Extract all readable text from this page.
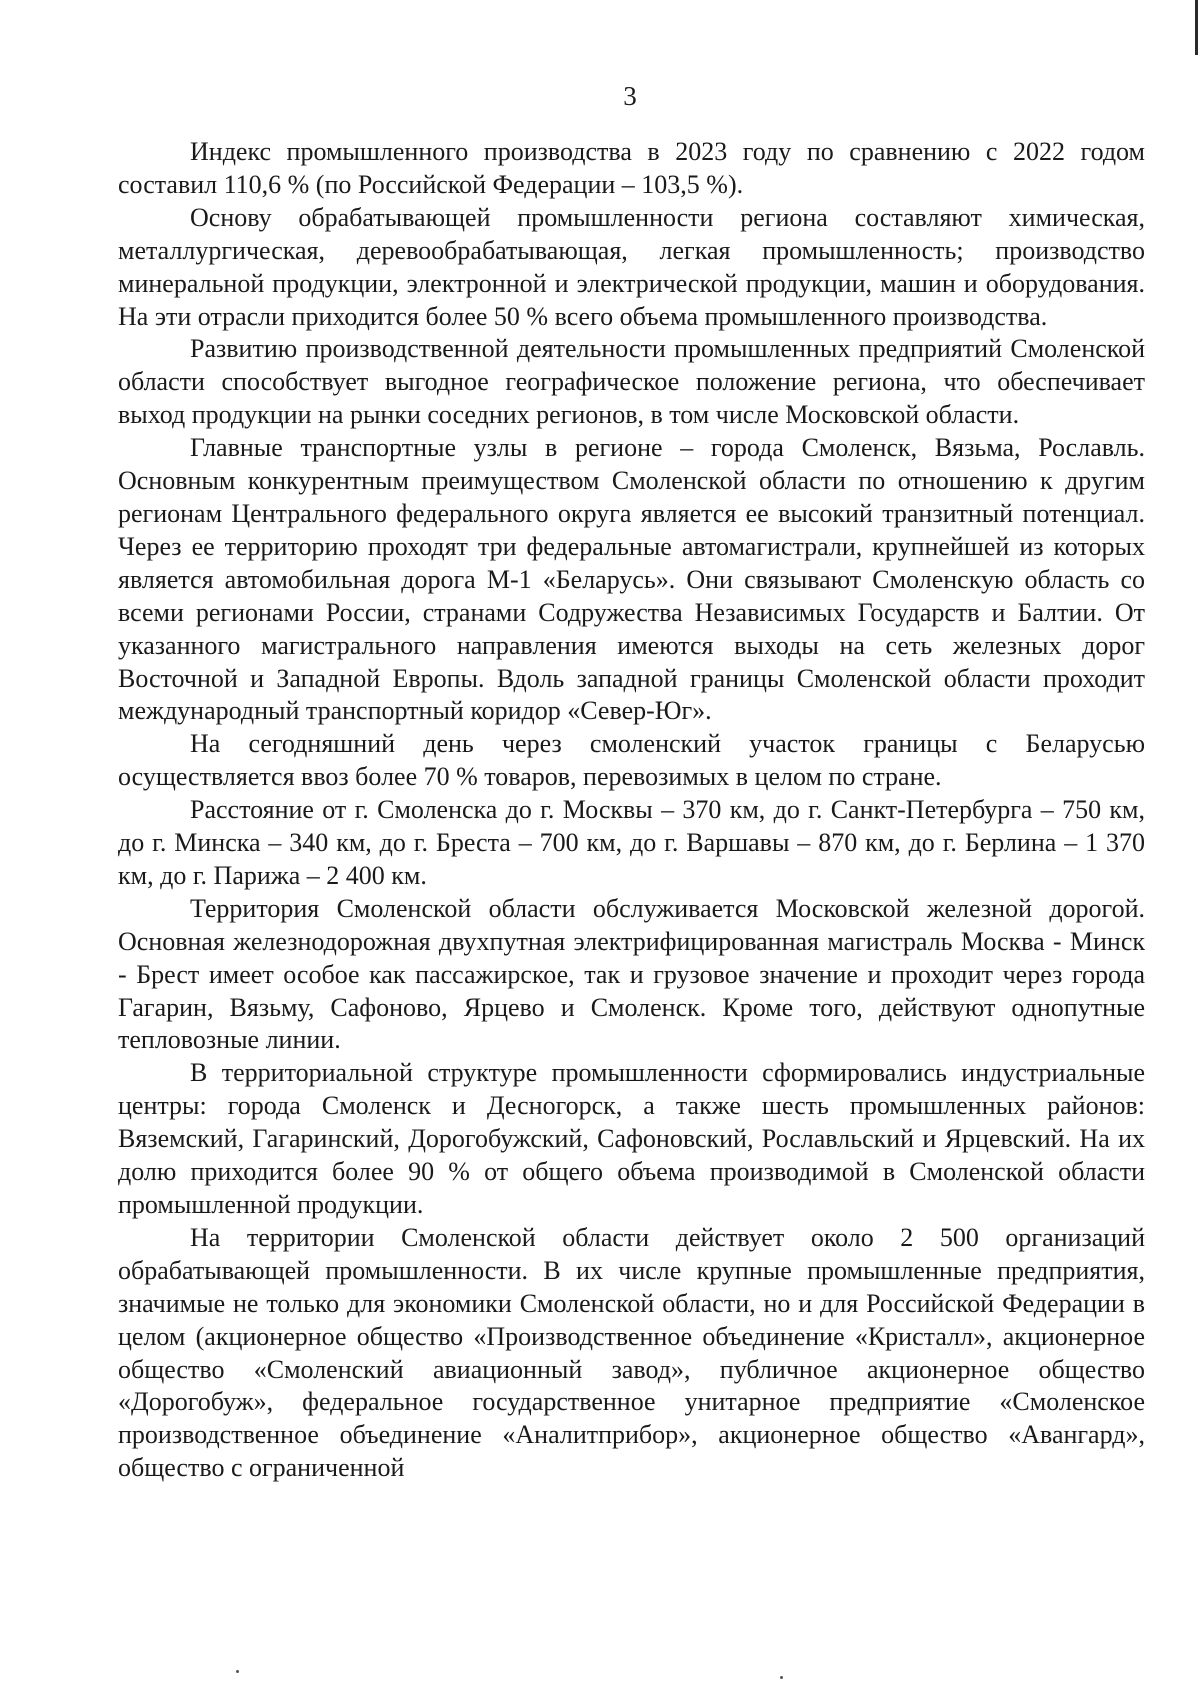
3

Индекс промышленного производства в 2023 году по сравнению с 2022 годом составил 110,6 % (по Российской Федерации – 103,5 %).

Основу обрабатывающей промышленности региона составляют химическая, металлургическая, деревообрабатывающая, легкая промышленность; производство минеральной продукции, электронной и электрической продукции, машин и оборудования. На эти отрасли приходится более 50 % всего объема промышленного производства.

Развитию производственной деятельности промышленных предприятий Смоленской области способствует выгодное географическое положение региона, что обеспечивает выход продукции на рынки соседних регионов, в том числе Московской области.

Главные транспортные узлы в регионе – города Смоленск, Вязьма, Рославль. Основным конкурентным преимуществом Смоленской области по отношению к другим регионам Центрального федерального округа является ее высокий транзитный потенциал. Через ее территорию проходят три федеральные автомагистрали, крупнейшей из которых является автомобильная дорога М-1 «Беларусь». Они связывают Смоленскую область со всеми регионами России, странами Содружества Независимых Государств и Балтии. От указанного магистрального направления имеются выходы на сеть железных дорог Восточной и Западной Европы. Вдоль западной границы Смоленской области проходит международный транспортный коридор «Север-Юг».

На сегодняшний день через смоленский участок границы с Беларусью осуществляется ввоз более 70 % товаров, перевозимых в целом по стране.

Расстояние от г. Смоленска до г. Москвы – 370 км, до г. Санкт-Петербурга – 750 км, до г. Минска – 340 км, до г. Бреста – 700 км, до г. Варшавы – 870 км, до г. Берлина – 1 370 км, до г. Парижа – 2 400 км.

Территория Смоленской области обслуживается Московской железной дорогой. Основная железнодорожная двухпутная электрифицированная магистраль Москва - Минск - Брест имеет особое как пассажирское, так и грузовое значение и проходит через города Гагарин, Вязьму, Сафоново, Ярцево и Смоленск. Кроме того, действуют однопутные тепловозные линии.

В территориальной структуре промышленности сформировались индустриальные центры: города Смоленск и Десногорск, а также шесть промышленных районов: Вяземский, Гагаринский, Дорогобужский, Сафоновский, Рославльский и Ярцевский. На их долю приходится более 90 % от общего объема производимой в Смоленской области промышленной продукции.

На территории Смоленской области действует около 2 500 организаций обрабатывающей промышленности. В их числе крупные промышленные предприятия, значимые не только для экономики Смоленской области, но и для Российской Федерации в целом (акционерное общество «Производственное объединение «Кристалл», акционерное общество «Смоленский авиационный завод», публичное акционерное общество «Дорогобуж», федеральное государственное унитарное предприятие «Смоленское производственное объединение «Аналитприбор», акционерное общество «Авангард», общество с ограниченной
